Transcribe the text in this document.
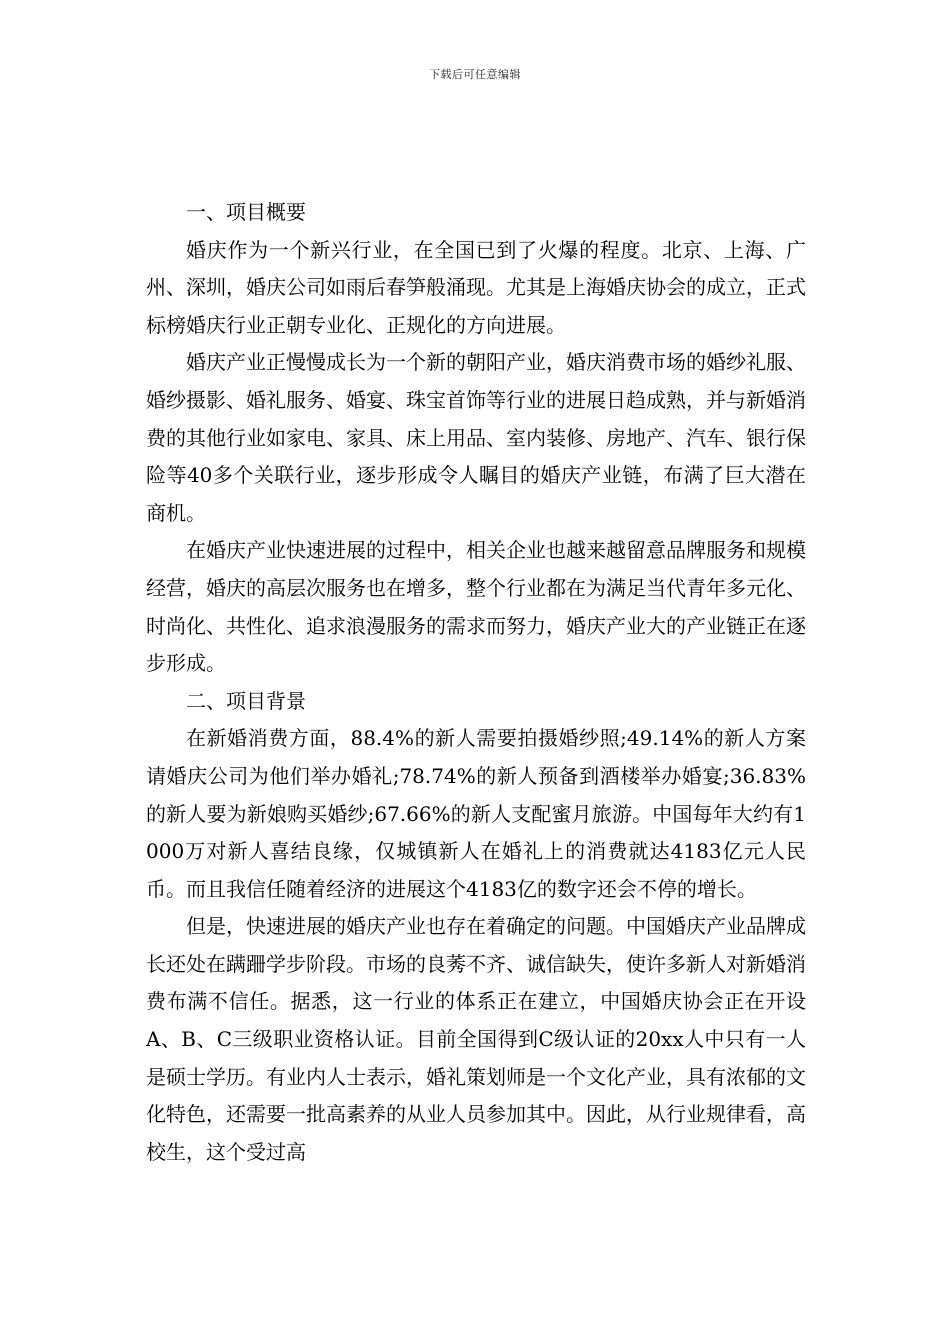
下载后可任意编辑

一、项目概要

婚庆作为一个新兴行业，在全国已到了火爆的程度。北京、上海、广州、深圳，婚庆公司如雨后春笋般涌现。尤其是上海婚庆协会的成立，正式标榜婚庆行业正朝专业化、正规化的方向进展。

婚庆产业正慢慢成长为一个新的朝阳产业，婚庆消费市场的婚纱礼服、婚纱摄影、婚礼服务、婚宴、珠宝首饰等行业的进展日趋成熟，并与新婚消费的其他行业如家电、家具、床上用品、室内装修、房地产、汽车、银行保险等40多个关联行业，逐步形成令人瞩目的婚庆产业链，布满了巨大潜在商机。

在婚庆产业快速进展的过程中，相关企业也越来越留意品牌服务和规模经营，婚庆的高层次服务也在增多，整个行业都在为满足当代青年多元化、时尚化、共性化、追求浪漫服务的需求而努力，婚庆产业大的产业链正在逐步形成。

二、项目背景

在新婚消费方面，88.4%的新人需要拍摄婚纱照;49.14%的新人方案请婚庆公司为他们举办婚礼;78.74%的新人预备到酒楼举办婚宴;36.83%的新人要为新娘购买婚纱;67.66%的新人支配蜜月旅游。中国每年大约有1000万对新人喜结良缘，仅城镇新人在婚礼上的消费就达4183亿元人民币。而且我信任随着经济的进展这个4183亿的数字还会不停的增长。

但是，快速进展的婚庆产业也存在着确定的问题。中国婚庆产业品牌成长还处在蹒跚学步阶段。市场的良莠不齐、诚信缺失，使许多新人对新婚消费布满不信任。据悉，这一行业的体系正在建立，中国婚庆协会正在开设A、B、C三级职业资格认证。目前全国得到C级认证的20xx人中只有一人是硕士学历。有业内人士表示，婚礼策划师是一个文化产业，具有浓郁的文化特色，还需要一批高素养的从业人员参加其中。因此，从行业规律看，高校生，这个受过高
